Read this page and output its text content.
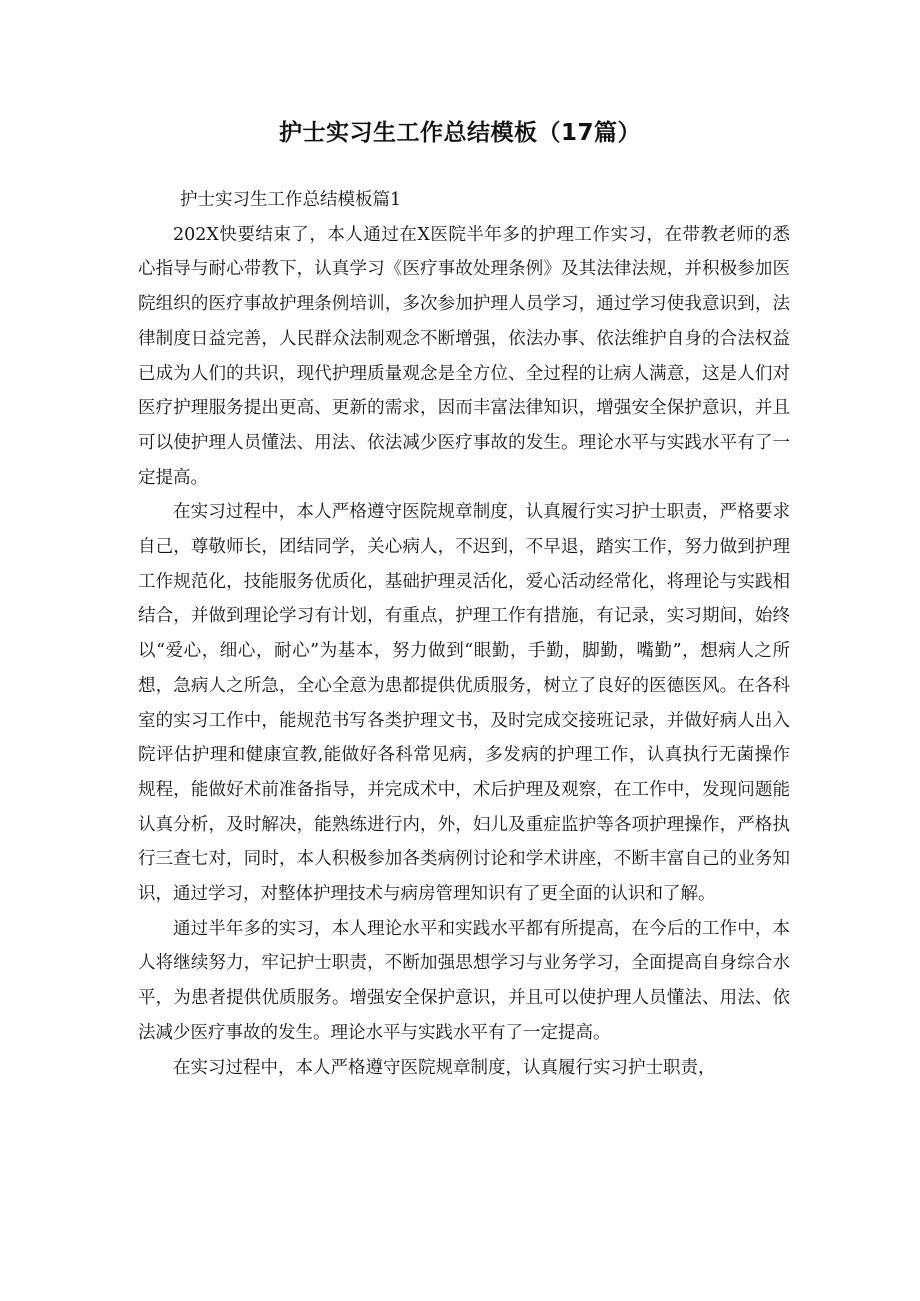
护士实习生工作总结模板（17篇）

护士实习生工作总结模板篇1

202X快要结束了，本人通过在X医院半年多的护理工作实习，在带教老师的悉心指导与耐心带教下，认真学习《医疗事故处理条例》及其法律法规，并积极参加医院组织的医疗事故护理条例培训，多次参加护理人员学习，通过学习使我意识到，法律制度日益完善，人民群众法制观念不断增强，依法办事、依法维护自身的合法权益已成为人们的共识，现代护理质量观念是全方位、全过程的让病人满意，这是人们对医疗护理服务提出更高、更新的需求，因而丰富法律知识，增强安全保护意识，并且可以使护理人员懂法、用法、依法减少医疗事故的发生。理论水平与实践水平有了一定提高。

在实习过程中，本人严格遵守医院规章制度，认真履行实习护士职责，严格要求自己，尊敬师长，团结同学，关心病人，不迟到，不早退，踏实工作，努力做到护理工作规范化，技能服务优质化，基础护理灵活化，爱心活动经常化，将理论与实践相结合，并做到理论学习有计划，有重点，护理工作有措施，有记录，实习期间，始终以“爱心，细心，耐心”为基本，努力做到“眼勤，手勤，脚勤，嘴勤”，想病人之所想，急病人之所急，全心全意为患都提供优质服务，树立了良好的医德医风。在各科室的实习工作中，能规范书写各类护理文书，及时完成交接班记录，并做好病人出入院评估护理和健康宣教,能做好各科常见病，多发病的护理工作，认真执行无菌操作规程，能做好术前准备指导，并完成术中，术后护理及观察，在工作中，发现问题能认真分析，及时解决，能熟练进行内，外，妇儿及重症监护等各项护理操作，严格执行三查七对，同时，本人积极参加各类病例讨论和学术讲座，不断丰富自己的业务知识，通过学习，对整体护理技术与病房管理知识有了更全面的认识和了解。

通过半年多的实习，本人理论水平和实践水平都有所提高，在今后的工作中，本人将继续努力，牢记护士职责，不断加强思想学习与业务学习，全面提高自身综合水平，为患者提供优质服务。增强安全保护意识，并且可以使护理人员懂法、用法、依法减少医疗事故的发生。理论水平与实践水平有了一定提高。

在实习过程中，本人严格遵守医院规章制度，认真履行实习护士职责，
